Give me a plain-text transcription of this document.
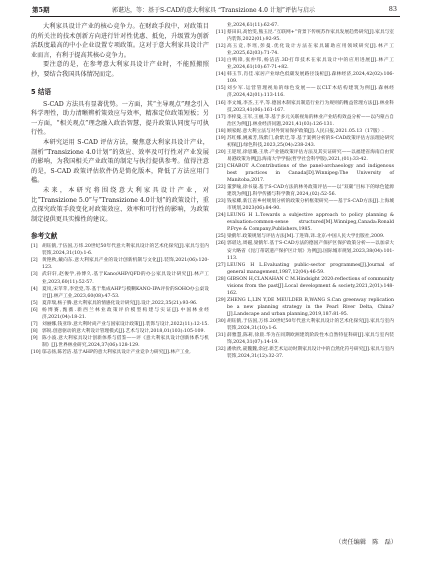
第5期	郭谌达，等：基于S-CAD的意大利家具 “Transizione 4.0 计划”评估与启示	83

大利家具设计产业的核心竞争力。在财政手段中，对政策目的所关注的技术创新方向进行针对性优惠、抵免，升级置为创新活跃度最高的中小企业设置专项政策。这对于意大利家具设计产业而言，有利于提高其核心竞争力。

要注意的是，在参考意大利家具设计产业时，不能照搬照抄，要结合我国具体情况而定。

5 结语

S-CAD 方法具有显著优势。一方面，其“主导观点”理念引入科学理性，助力清晰辨析策效应与效率，精准定位政策短板；另一方面，“相关观点”理念融入政治智慧，提升政策认同度与可执行性。

本研究运用 S-CAD 评估方法，聚焦意大利家具设计产业，剖析“Transizione 4.0计划”的效应、效率及可行性对产业发展的影响，为我国相关产业政策的制定与执行提供参考。值得注意的是，S-CAD 政策评估软件仍是简化版本，降低了方法应用门槛。

未来，本研究将围绕意大利家具设计产业，对比“Transizione 5.0”与“Transizione 4.0计划”的政策设计，重点探究政策手段变化对政策效应、效率和可行性的影响，为政策制定提供更具实操性的建议。

参考文献
[1] 胡钰鹤,于伍国,万炜.20世纪50年代意大利家具设计的艺术化探究[J].家具与室内装饰,2024,31(10):1-6.
[2] 黄艳秋,戴向东.意大利家具产业的设计创新机制与文化[J].装饰,2021(06):120-123.
[3] 武轩轩,赵俊学,孙博久.基于Kano/AHP/QFD的办公家具设计研究[J].林产工业,2023,60(11):52-57.
[4] 夏岚,宋苹苹,李党党,等.基于集成AHP与模糊KANO-IPA评价的SOHO办公桌设计[J].林产工业,2023,60(08):47-53.
[5] 夏萍瑞,杨子腾.意大利家具的情感化设计研究[J].设计,2022,35(21):93-96.
[6] 杨博赛,甄薇.新西兰林业政策评价模型构建与实证[J].中国林业经济,2021(04):18-21.
[7] 刘丽娜,钱亚珍.意大利时尚产业与国家设计政策[J].装饰与设计,2022(11):12-15.
[8] 郭锐.创意驱动的意大利设计管理模式[J].艺术与设计,2018,01(103):105-109.
[9] 陈小波.意大利家具设计创新体系与借鉴——评《意大利家具设计创新体系与机制》[J].世界林业研究,2024,37(06):128-129.
[10] 邬志扬,陈若洁.基于AHP的意大利家具设计产业竞争力研究[J].林产工业,
业,2024,61(11):62-67.
[11] 蔡田田,高怡雯,熊玉昆.“互联网+”背景下传统苏作家具发展趋势研究[J].家具与室内装饰,2022(01):92-95.
[12] 高玉竞,李瑶,彭曼.优化设计方法在家具辅助应用领域研究[J].林产工业,2025,62(03):71-74.
[13] 白鸭锋,张仲邦,杨洁洁.3D打印技术在家具设计中的应用进展[J].林产工业,2024,61(10):67-71+82.
[14] 韩玉节,肖佳.家居产业绿色低碳发展路径浅析[J].森林经济,2024,42(02):106-109.
[15] 刘少军.运营管理视角的绿色发展——以CLT木结构建筑为例[J].森林经济,2024,42(01):113-116.
[16] 李文城,李杰,王平,等.德国木制家具制造行业行为规则的精益管理方法[J].林业科技,2023,41(06):161-167.
[17] 李梓曼,王军,王丽,等.基于多元关联视角的林业产业结构效益分析——以内蒙古自治区为例[J].林业经济问题,2021,41(03):126-131.
[18] 顾家妮.意大利立法与对外贸易保护政策[J].人民日报,2021.05.13（17版）.
[19] 苏红娜,姚素芳,钱紫门,俞紫迁,等.基于案例分析的S-CAD政策评估方法理论研究初探[J].绿色科技,2023,25(04):238-243.
[20] 王迎瑶,徐思璐,王欣.产业链政策评估方法及其实证研究——以福建省海南自由贸易港政策为例[J].海南大学学报(哲学社会科学版),2021,(01):33-42.
[21] CHABOT A.Contributions of the panel-archaeology and indigenous best practices in Canada[D].Winnipeg:The University of Manitoba,2017.
[22] 董梦喻,徐书晟.基于S-CAD方法的林务政策评估——以“双碳”目标下的绿色能源建筑为例[J].科学传播与科学教育,2024,(02):52-56.
[23] 钱家卿,新江省乡村规划分析的政策分析框架研究——基于S-CAD方法[J].上海城市规划,2023(06):84-90.
[24] LEUNG H L.Towards a subjective approach to policy planning & evaluation:common-sense structured[M].Winnipeg,Canada:Ronald P.Frye & Company,Publishers,1985.
[25] 梁鹤年.政策规划与评估方法[M].丁进锋,译.北京:中国人民大学出版社,2009.
[26] 郭谌达,周磁,梁鹤年.基于S-CAD方法的德国产保护区保护政策分析——以加拿大安大略省《昆汀蒂诺遗产保护区计划》为例[J].国际城市规划,2023,38(04):101-113.
[27] LEUNG H L.Evaluating public-sector programmes[J].Journal of general management,1987,12(04):46-59.
[28] GIBSON H,CLANAHAN C M.Hindsight 2020:reflections of community visions from the past[J].Local development & society,2021,2(01):148-162.
[29] ZHENG L,LIN Y,DE MEULDER B,WANG S.Can greenway replication be a new planning strategy in the Pearl River Delta, China?[J].Landscape and urban planning,2019,187:81-95.
[30] 胡钰鹤,于伍国,万炜.20世纪50年代意大利家具设计的艺术化探究[J].家具与室内装饰,2024,31(10):1-6.
[31] 薛雅慧,陈莉,徐晨.华为在同期欧洲建筑阶段性木自然特征科研[J].家具与室内装饰,2024,31(07):14-19.
[32] 潘欣欣,聂魏魏,余冠.新艺术运动时期家具设计中的自然化符号研究[J].家具与室内装饰,2024,31(12):32-37.
（责任编辑　陈　磊）
